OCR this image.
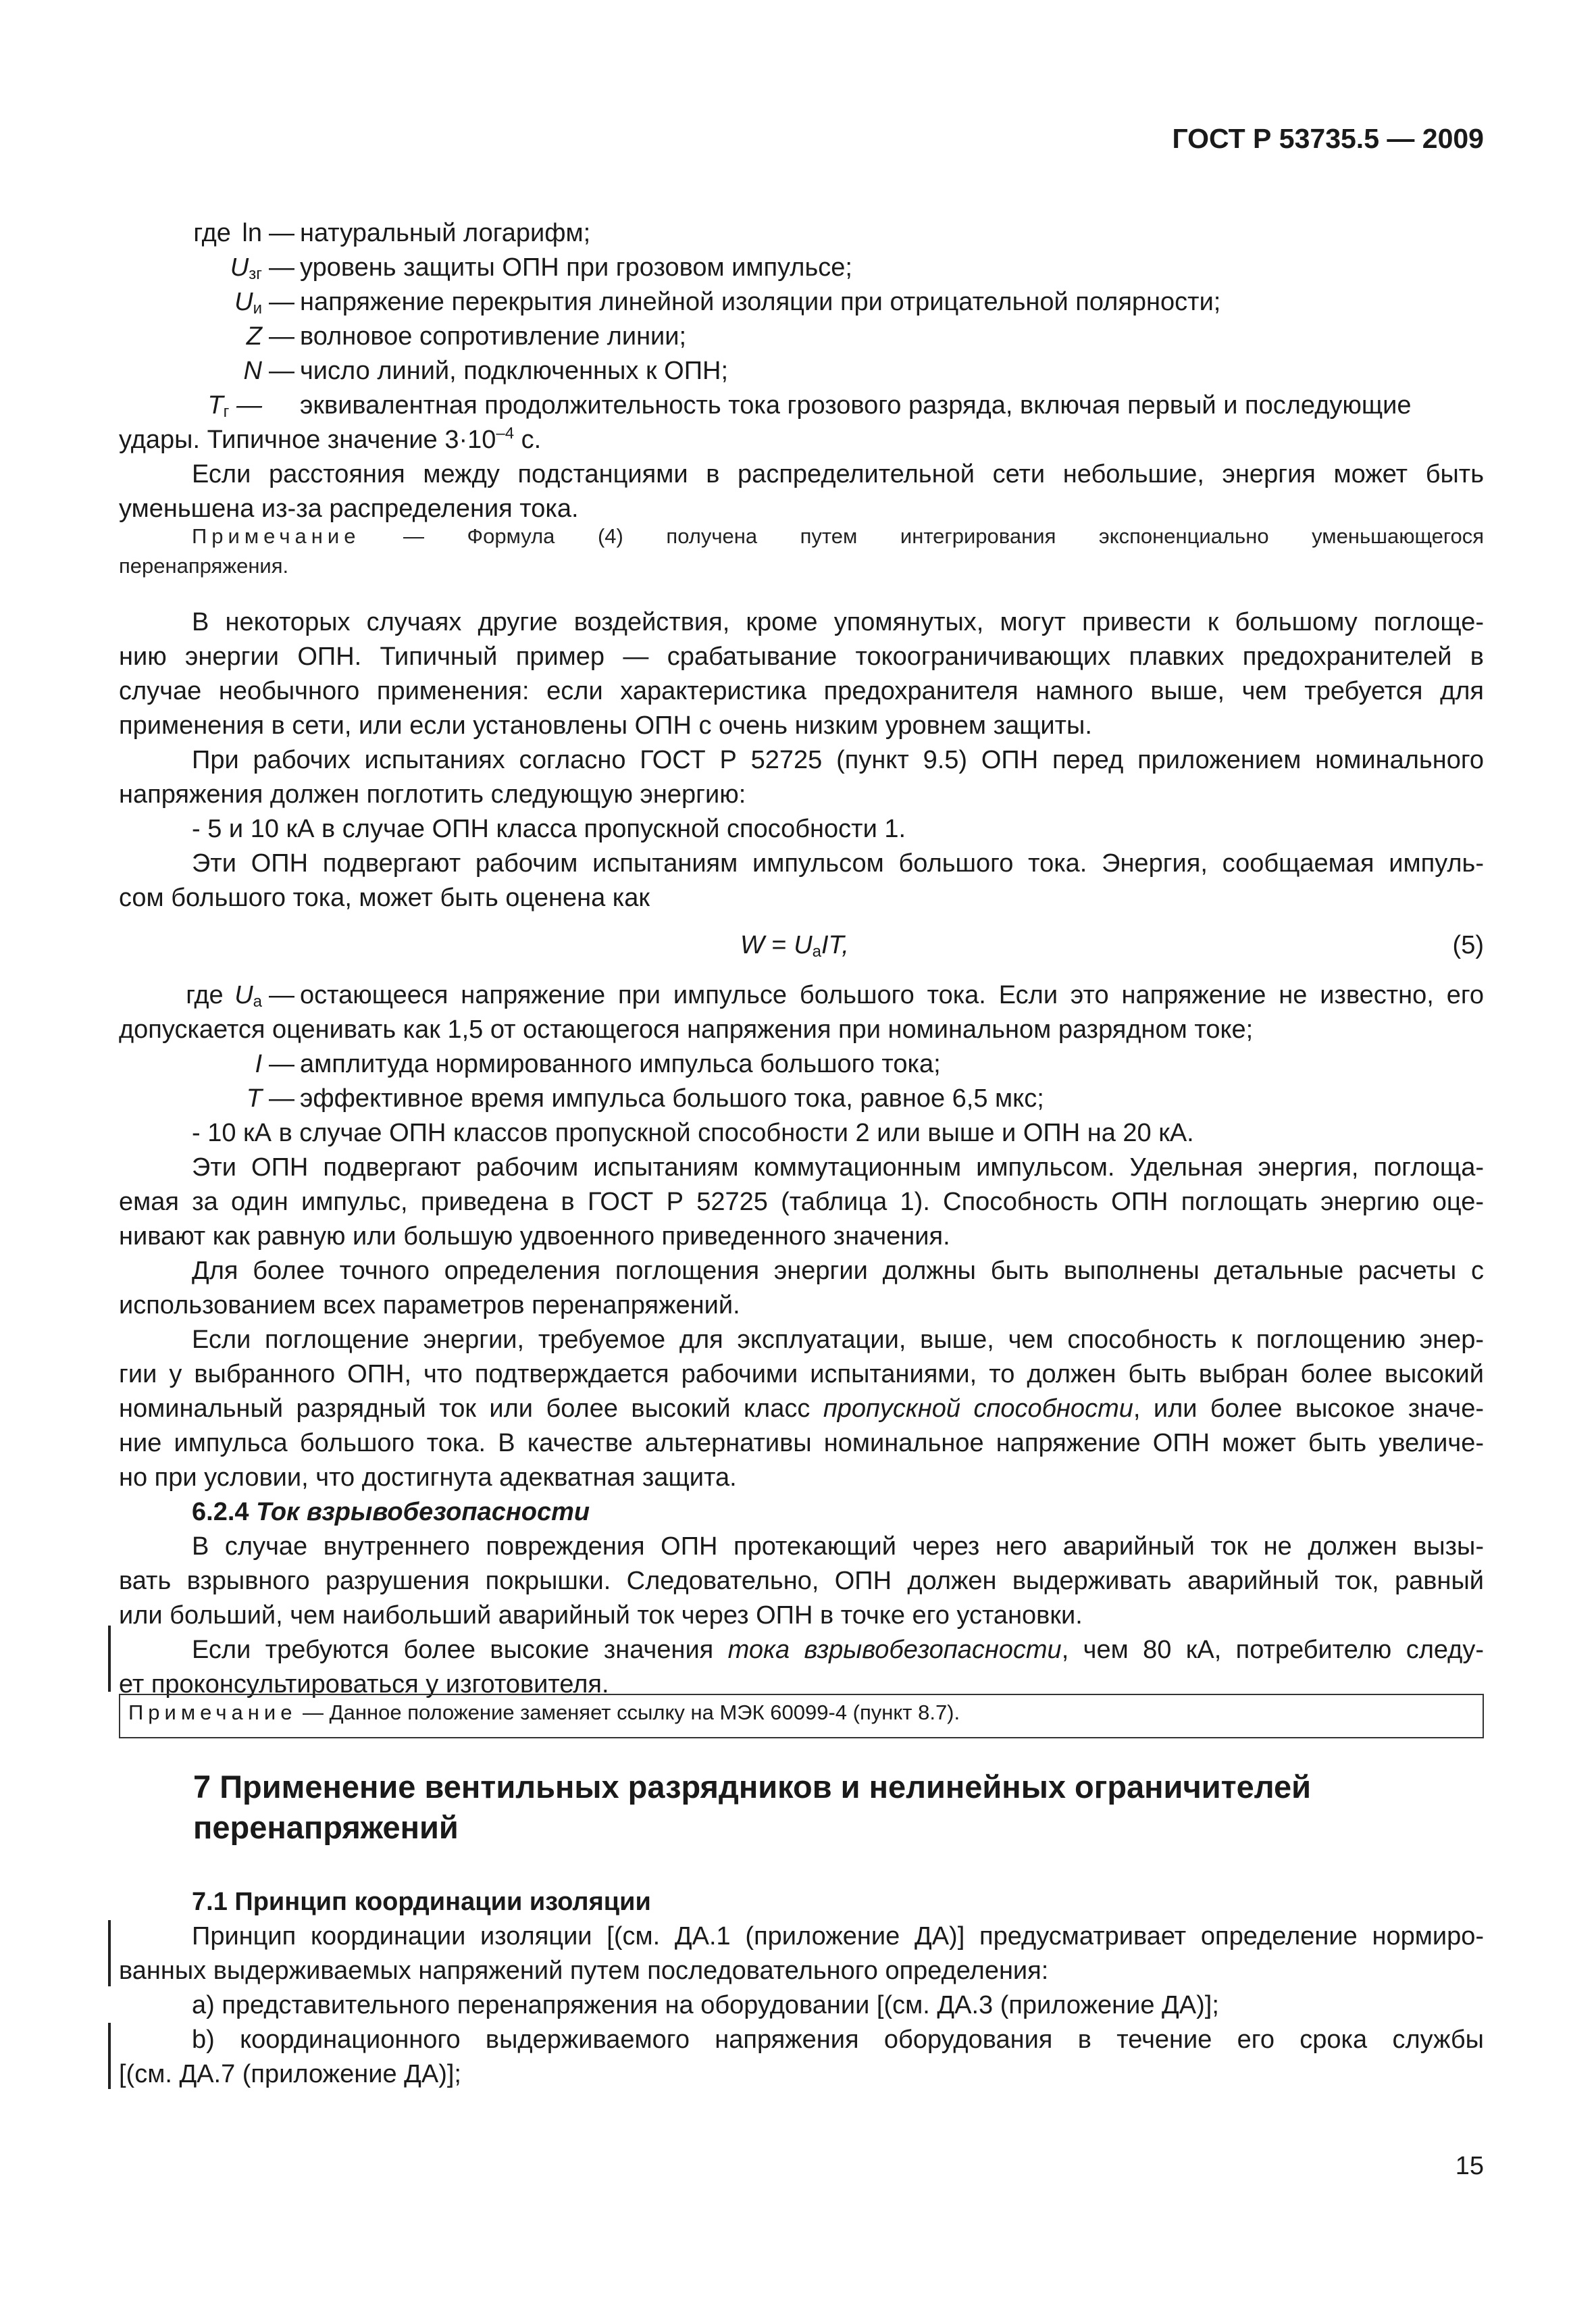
ГОСТ Р 53735.5 — 2009
где ln — натуральный логарифм;
$U_{зг}$ — уровень защиты ОПН при грозовом импульсе;
$U_и$ — напряжение перекрытия линейной изоляции при отрицательной полярности;
Z — волновое сопротивление линии;
N — число линий, подключенных к ОПН;
$T_г$ — эквивалентная продолжительность тока грозового разряда, включая первый и последующие
удары. Типичное значение $3\cdot 10^{-4}$ с.
Если расстояния между подстанциями в распределительной сети небольшие, энергия может быть
уменьшена из-за распределения тока.
Примечание — Формула (4) получена путем интегрирования экспоненциально уменьшающегося
перенапряжения.
В некоторых случаях другие воздействия, кроме упомянутых, могут привести к большому поглоще-
нию энергии ОПН. Типичный пример — срабатывание токоограничивающих плавких предохранителей в
случае необычного применения: если характеристика предохранителя намного выше, чем требуется для
применения в сети, или если установлены ОПН с очень низким уровнем защиты.
При рабочих испытаниях согласно ГОСТ Р 52725 (пункт 9.5) ОПН перед приложением номинального
напряжения должен поглотить следующую энергию:
- 5 и 10 кА в случае ОПН класса пропускной способности 1.
Эти ОПН подвергают рабочим испытаниям импульсом большого тока. Энергия, сообщаемая импуль-
сом большого тока, может быть оценена как
$W = U_аIT$,	(5)
где $U_а$ — остающееся напряжение при импульсе большого тока. Если это напряжение не известно, его
допускается оценивать как 1,5 от остающегося напряжения при номинальном разрядном токе;
I — амплитуда нормированного импульса большого тока;
T — эффективное время импульса большого тока, равное 6,5 мкс;
- 10 кА в случае ОПН классов пропускной способности 2 или выше и ОПН на 20 кА.
Эти ОПН подвергают рабочим испытаниям коммутационным импульсом. Удельная энергия, поглоща-
емая за один импульс, приведена в ГОСТ Р 52725 (таблица 1). Способность ОПН поглощать энергию оце-
нивают как равную или большую удвоенного приведенного значения.
Для более точного определения поглощения энергии должны быть выполнены детальные расчеты с
использованием всех параметров перенапряжений.
Если поглощение энергии, требуемое для эксплуатации, выше, чем способность к поглощению энер-
гии у выбранного ОПН, что подтверждается рабочими испытаниями, то должен быть выбран более высокий
номинальный разрядный ток или более высокий класс пропускной способности, или более высокое значе-
ние импульса большого тока. В качестве альтернативы номинальное напряжение ОПН может быть увеличе-
но при условии, что достигнута адекватная защита.
6.2.4 Ток взрывобезопасности
В случае внутреннего повреждения ОПН протекающий через него аварийный ток не должен вызы-
вать взрывного разрушения покрышки. Следовательно, ОПН должен выдерживать аварийный ток, равный
или больший, чем наибольший аварийный ток через ОПН в точке его установки.
Если требуются более высокие значения тока взрывобезопасности, чем 80 кА, потребителю следу-
ет проконсультироваться у изготовителя.
Примечание — Данное положение заменяет ссылку на МЭК 60099-4 (пункт 8.7).
7 Применение вентильных разрядников и нелинейных ограничителей
перенапряжений
7.1 Принцип координации изоляции
Принцип координации изоляции [(см. ДА.1 (приложение ДА)] предусматривает определение нормиро-
ванных выдерживаемых напряжений путем последовательного определения:
a) представительного перенапряжения на оборудовании [(см. ДА.3 (приложение ДА)];
b) координационного выдерживаемого напряжения оборудования в течение его срока службы
[(см. ДА.7 (приложение ДА)];
15
